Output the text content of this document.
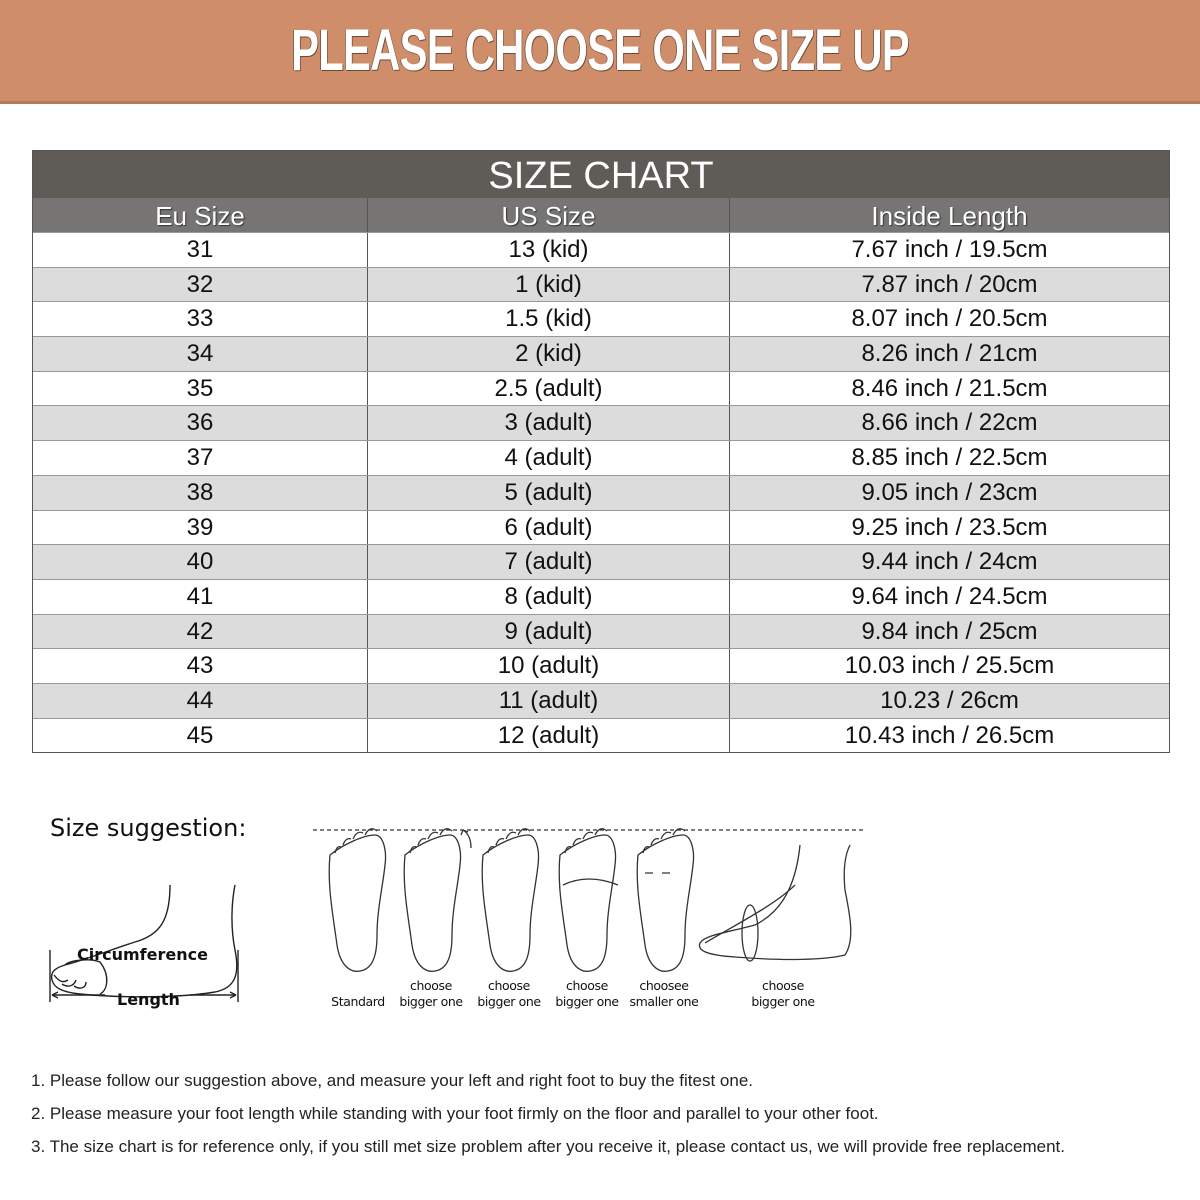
PLEASE CHOOSE ONE SIZE UP
SIZE CHART
Eu Size	US Size	Inside Length
31	13 (kid)	7.67 inch / 19.5cm
32	1 (kid)	7.87 inch / 20cm
33	1.5 (kid)	8.07 inch / 20.5cm
34	2 (kid)	8.26 inch / 21cm
35	2.5 (adult)	8.46 inch / 21.5cm
36	3 (adult)	8.66 inch / 22cm
37	4 (adult)	8.85 inch / 22.5cm
38	5 (adult)	9.05 inch / 23cm
39	6 (adult)	9.25 inch / 23.5cm
40	7 (adult)	9.44 inch / 24cm
41	8 (adult)	9.64 inch / 24.5cm
42	9 (adult)	9.84 inch / 25cm
43	10 (adult)	10.03 inch / 25.5cm
44	11 (adult)	10.23 / 26cm
45	12 (adult)	10.43 inch / 26.5cm
Size suggestion:
Circumference
Length	Standard
choose
bigger one
choose
bigger one
choose
bigger one
choosee
smaller one
choose
bigger one
1. Please follow our suggestion above, and measure your left and right foot to buy the fitest one.
2. Please measure your foot length while standing with your foot firmly on the floor and parallel to your other foot.
3. The size chart is for reference only, if you still met size problem after you receive it, please contact us, we will provide free replacement.
